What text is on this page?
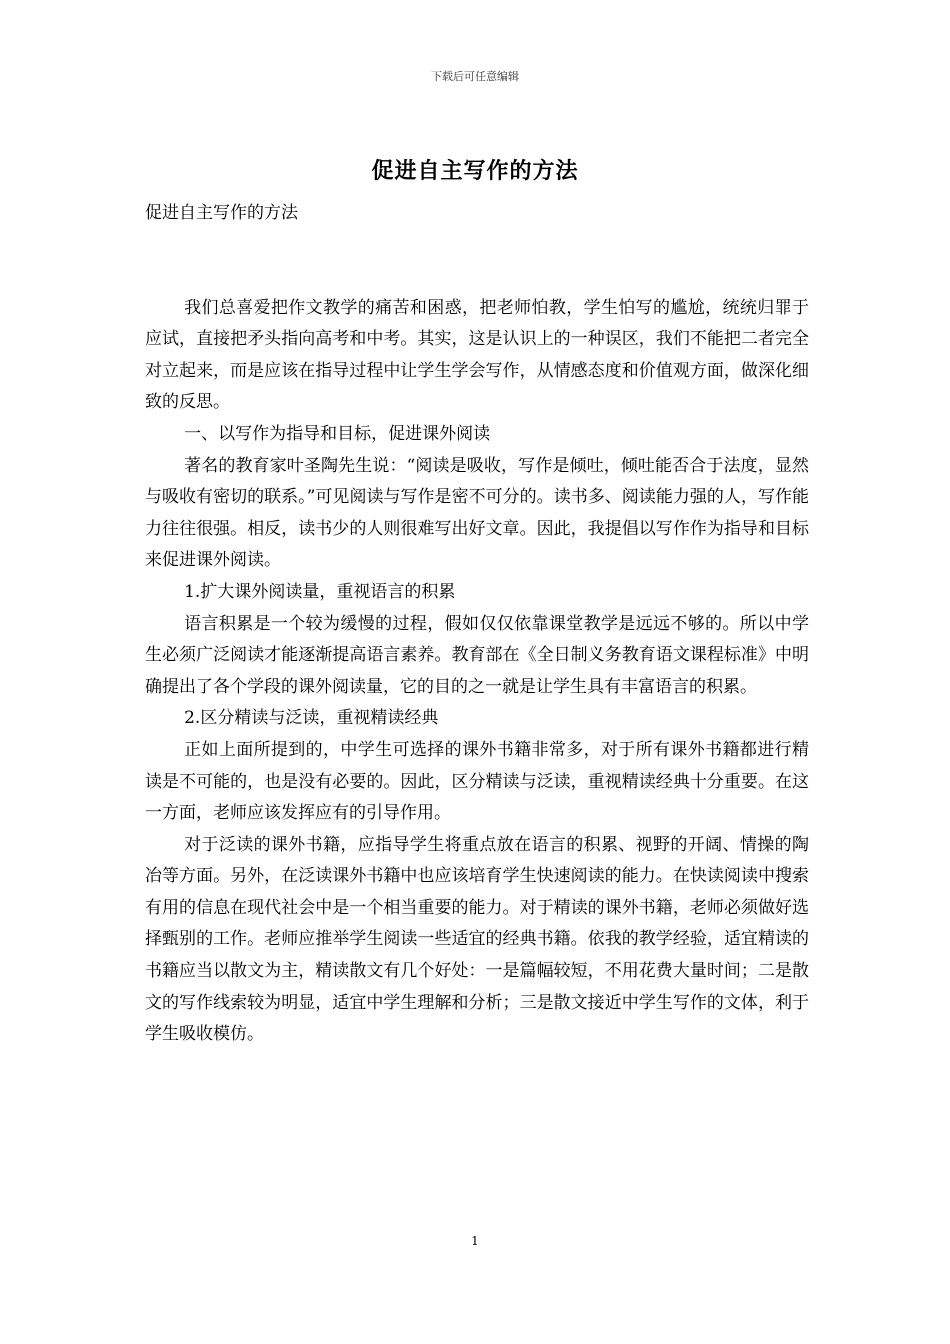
下载后可任意编辑
促进自主写作的方法

促进自主写作的方法

我们总喜爱把作文教学的痛苦和困惑，把老师怕教，学生怕写的尴尬，统统归罪于应试，直接把矛头指向高考和中考。其实，这是认识上的一种误区，我们不能把二者完全对立起来，而是应该在指导过程中让学生学会写作，从情感态度和价值观方面，做深化细致的反思。

一、以写作为指导和目标，促进课外阅读

著名的教育家叶圣陶先生说：“阅读是吸收，写作是倾吐，倾吐能否合于法度，显然与吸收有密切的联系。”可见阅读与写作是密不可分的。读书多、阅读能力强的人，写作能力往往很强。相反，读书少的人则很难写出好文章。因此，我提倡以写作作为指导和目标来促进课外阅读。

1.扩大课外阅读量，重视语言的积累

语言积累是一个较为缓慢的过程，假如仅仅依靠课堂教学是远远不够的。所以中学生必须广泛阅读才能逐渐提高语言素养。教育部在《全日制义务教育语文课程标准》中明确提出了各个学段的课外阅读量，它的目的之一就是让学生具有丰富语言的积累。

2.区分精读与泛读，重视精读经典

正如上面所提到的，中学生可选择的课外书籍非常多，对于所有课外书籍都进行精读是不可能的，也是没有必要的。因此，区分精读与泛读，重视精读经典十分重要。在这一方面，老师应该发挥应有的引导作用。

对于泛读的课外书籍，应指导学生将重点放在语言的积累、视野的开阔、情操的陶冶等方面。另外，在泛读课外书籍中也应该培育学生快速阅读的能力。在快读阅读中搜索有用的信息在现代社会中是一个相当重要的能力。对于精读的课外书籍，老师必须做好选择甄别的工作。老师应推举学生阅读一些适宜的经典书籍。依我的教学经验，适宜精读的书籍应当以散文为主，精读散文有几个好处：一是篇幅较短，不用花费大量时间；二是散文的写作线索较为明显，适宜中学生理解和分析；三是散文接近中学生写作的文体，利于学生吸收模仿。

1
